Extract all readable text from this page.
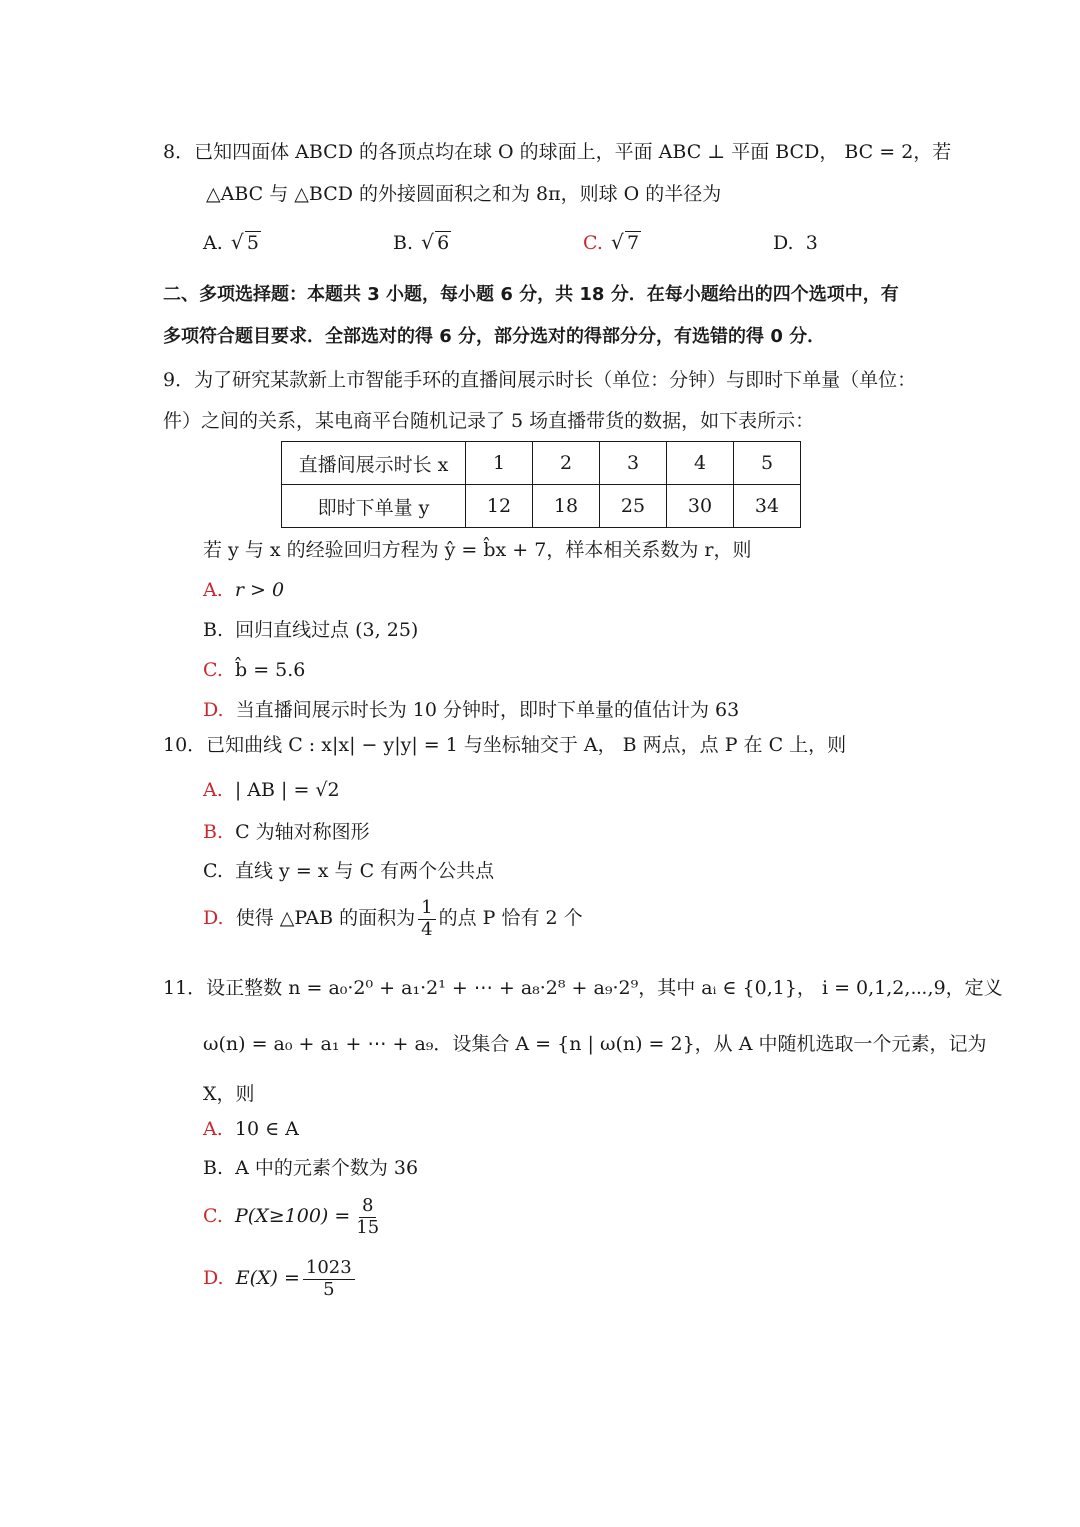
8．已知四面体 ABCD 的各顶点均在球 O 的球面上，平面 ABC ⊥ 平面 BCD， BC = 2，若
△ABC 与 △BCD 的外接圆面积之和为 8π，则球 O 的半径为
A. √ 5	B. √ 6	C. √ 7	D. 3
二、多项选择题：本题共 3 小题，每小题 6 分，共 18 分．在每小题给出的四个选项中，有
多项符合题目要求．全部选对的得 6 分，部分选对的得部分分，有选错的得 0 分．
9．为了研究某款新上市智能手环的直播间展示时长（单位：分钟）与即时下单量（单位：
件）之间的关系，某电商平台随机记录了 5 场直播带货的数据，如下表所示：
直播间展示时长 x	1	2	3	4	5
即时下单量 y	12	18	25	30	34
若 y 与 x 的经验回归方程为 ŷ = b̂x + 7，样本相关系数为 r，则
A. r > 0
B. 回归直线过点 (3, 25)
C. b̂ = 5.6
D. 当直播间展示时长为 10 分钟时，即时下单量的值估计为 63
10．已知曲线 C : x|x| − y|y| = 1 与坐标轴交于 A， B 两点，点 P 在 C 上，则
A. | AB | = √2
B. C 为轴对称图形
C. 直线 y = x 与 C 有两个公共点
D. 使得 △PAB 的面积为 $\frac{1}{4}$ 的点 P 恰有 2 个
11．设正整数 n = a₀·2⁰ + a₁·2¹ + ⋯ + a₈·2⁸ + a₉·2⁹，其中 aᵢ ∈ {0,1}， i = 0,1,2,⋯,9，定义
ω(n) = a₀ + a₁ + ⋯ + a₉．设集合 A = {n | ω(n) = 2}，从 A 中随机选取一个元素，记为
X，则
A. 10 ∈ A
B. A 中的元素个数为 36
C. $P(X\ge 100) = \frac{8}{15}$
D. $E(X) = \frac{1023}{5}$
